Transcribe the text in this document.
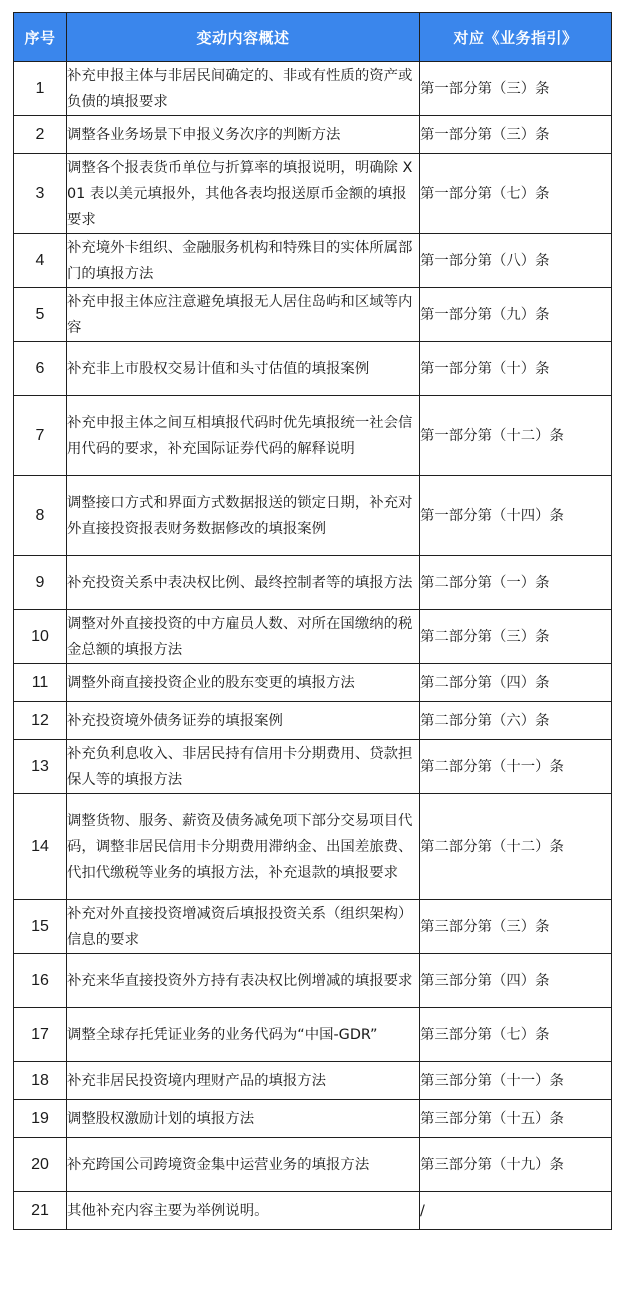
序号	变动内容概述	对应《业务指引》
1	补充申报主体与非居民间确定的、非或有性质的资产或负债的填报要求	第一部分第（三）条
2	调整各业务场景下申报义务次序的判断方法	第一部分第（三）条
3	调整各个报表货币单位与折算率的填报说明，明确除 X01 表以美元填报外，其他各表均报送原币金额的填报要求	第一部分第（七）条
4	补充境外卡组织、金融服务机构和特殊目的实体所属部门的填报方法	第一部分第（八）条
5	补充申报主体应注意避免填报无人居住岛屿和区域等内容	第一部分第（九）条
6	补充非上市股权交易计值和头寸估值的填报案例	第一部分第（十）条
7	补充申报主体之间互相填报代码时优先填报统一社会信用代码的要求，补充国际证券代码的解释说明	第一部分第（十二）条
8	调整接口方式和界面方式数据报送的锁定日期，补充对外直接投资报表财务数据修改的填报案例	第一部分第（十四）条
9	补充投资关系中表决权比例、最终控制者等的填报方法	第二部分第（一）条
10	调整对外直接投资的中方雇员人数、对所在国缴纳的税金总额的填报方法	第二部分第（三）条
11	调整外商直接投资企业的股东变更的填报方法	第二部分第（四）条
12	补充投资境外债务证券的填报案例	第二部分第（六）条
13	补充负利息收入、非居民持有信用卡分期费用、贷款担保人等的填报方法	第二部分第（十一）条
14	调整货物、服务、薪资及债务减免项下部分交易项目代码，调整非居民信用卡分期费用滞纳金、出国差旅费、代扣代缴税等业务的填报方法，补充退款的填报要求	第二部分第（十二）条
15	补充对外直接投资增减资后填报投资关系（组织架构）信息的要求	第三部分第（三）条
16	补充来华直接投资外方持有表决权比例增减的填报要求	第三部分第（四）条
17	调整全球存托凭证业务的业务代码为“中国-GDR”	第三部分第（七）条
18	补充非居民投资境内理财产品的填报方法	第三部分第（十一）条
19	调整股权激励计划的填报方法	第三部分第（十五）条
20	补充跨国公司跨境资金集中运营业务的填报方法	第三部分第（十九）条
21	其他补充内容主要为举例说明。	/
